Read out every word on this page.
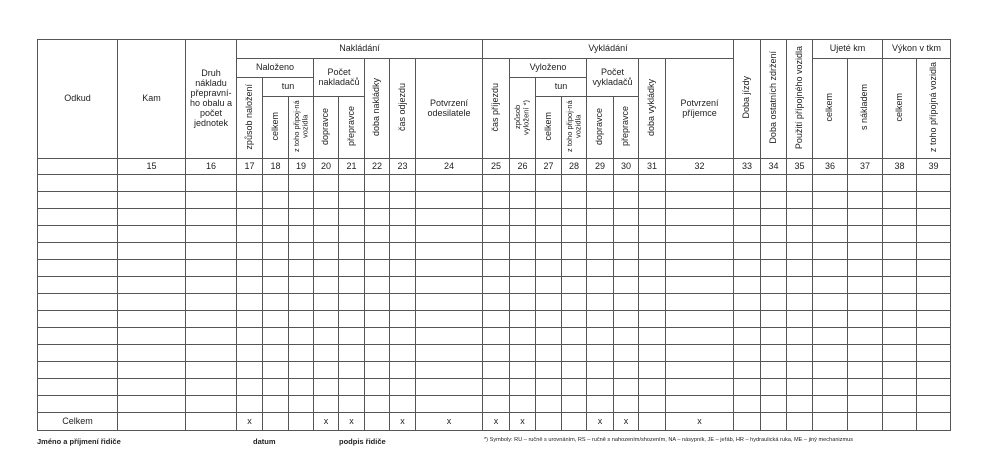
Odkud	Kam	Druh nákladu přepravní-ho obalu a počet jednotek	Nakládání								Vykládání								Doba jízdy	Doba ostatních zdržení	Použití přípojného vozidla	Ujeté km		Výkon v tkm	
			Naloženo			Počet nakladačů		doba nakládky	čas odjezdu	Potvrzení odesilatele	čas příjezdu	Vyloženo			Počet vykladačů		doba vykládky	Potvrzení příjemce				celkem	s nákladem	celkem	z toho přípojná vozidla
			způsob naložení	tun								způsob vyložení *)	tun												
				celkem	z toho připoj-ná vozidla	dopravce	přepravce						celkem	z toho připoj-ná vozidla	dopravce	přepravce									
	15	16	17	18	19	20	21	22	23	24	25	26	27	28	29	30	31	32	33	34	35	36	37	38	39

Celkem			x			x	x		x	x	x	x			x	x		x							
Jméno a příjmení řidiče	datum	podpis řidiče	*) Symboly: RU – ručně s urovnáním, RS – ručně s nahozením/shozením, NA – násypník, JE – jeřáb, HR – hydraulická ruka, ME – jiný mechanizmus
